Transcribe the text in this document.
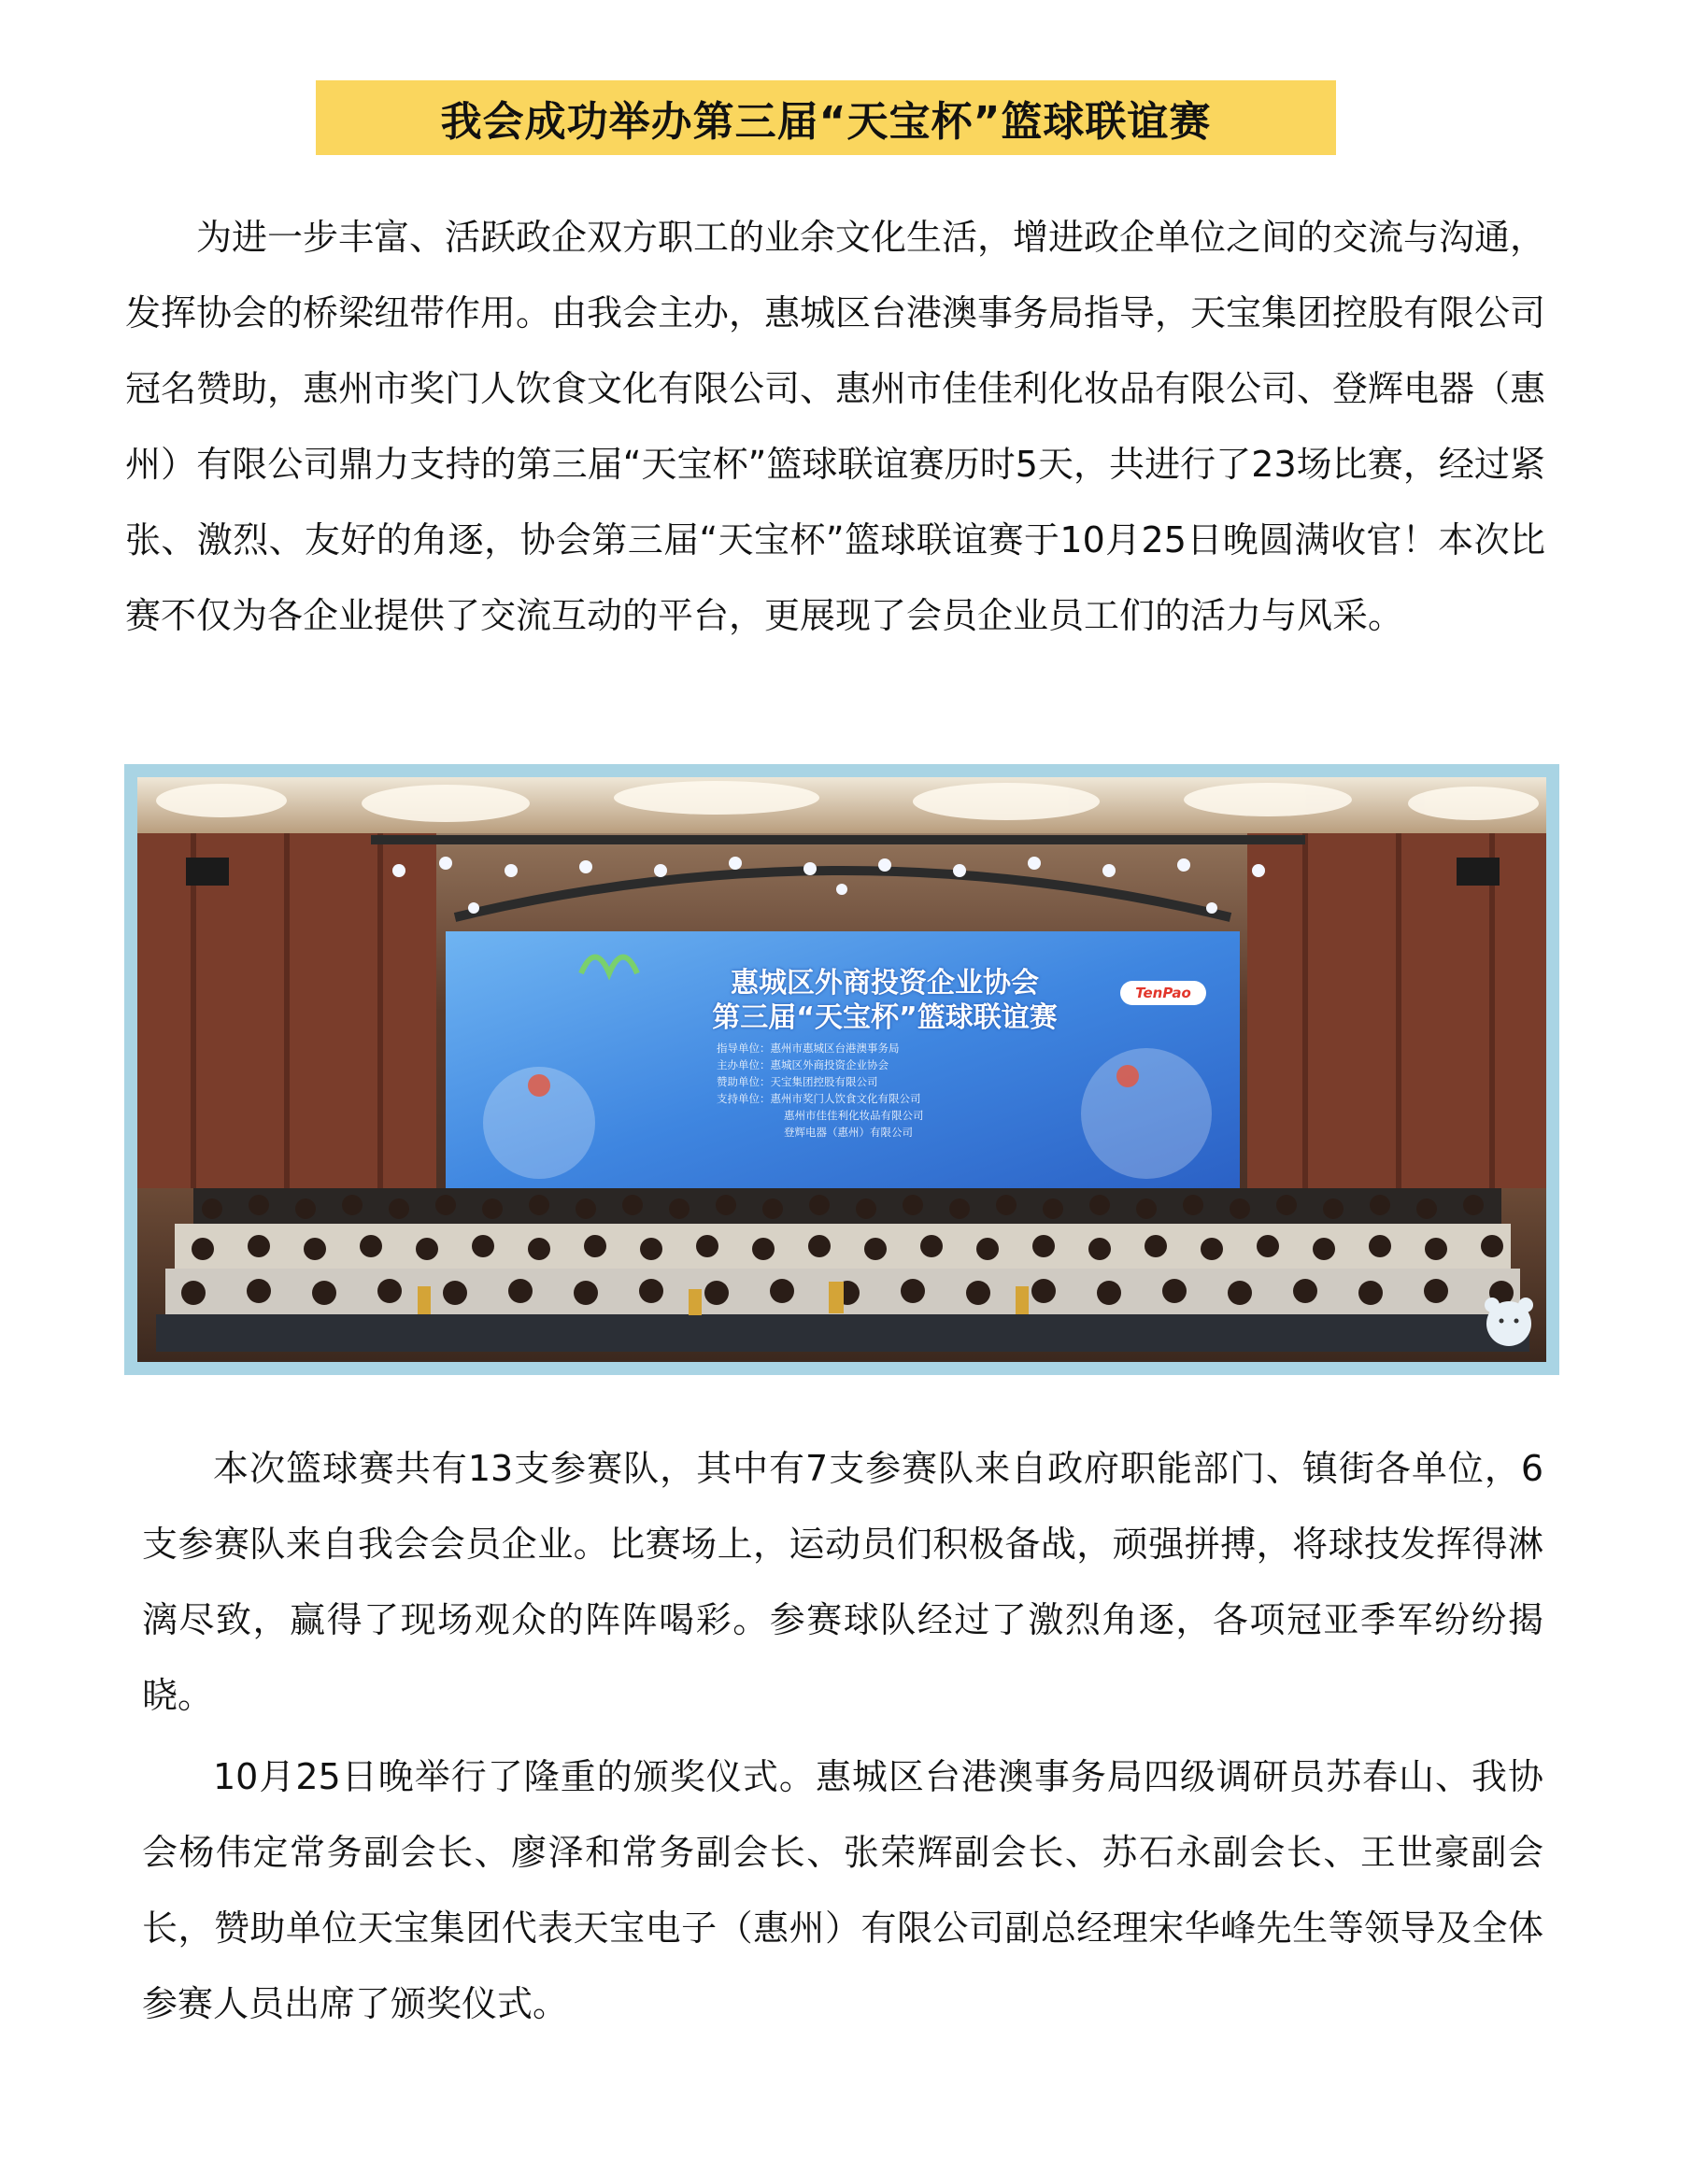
我会成功举办第三届“天宝杯”篮球联谊赛

为进一步丰富、活跃政企双方职工的业余文化生活，增进政企单位之间的交流与沟通，发挥协会的桥梁纽带作用。由我会主办，惠城区台港澳事务局指导，天宝集团控股有限公司冠名赞助，惠州市奖门人饮食文化有限公司、惠州市佳佳利化妆品有限公司、登辉电器（惠州）有限公司鼎力支持的第三届“天宝杯”篮球联谊赛历时5天，共进行了23场比赛，经过紧张、激烈、友好的角逐，协会第三届“天宝杯”篮球联谊赛于10月25日晚圆满收官！本次比赛不仅为各企业提供了交流互动的平台，更展现了会员企业员工们的活力与风采。

惠城区外商投资企业协会
第三届“天宝杯”篮球联谊赛
TenPao
指导单位：惠州市惠城区台港澳事务局
主办单位：惠城区外商投资企业协会
赞助单位：天宝集团控股有限公司
支持单位：惠州市奖门人饮食文化有限公司
惠州市佳佳利化妆品有限公司
登辉电器（惠州）有限公司

本次篮球赛共有13支参赛队，其中有7支参赛队来自政府职能部门、镇街各单位，6支参赛队来自我会会员企业。比赛场上，运动员们积极备战，顽强拼搏，将球技发挥得淋漓尽致，赢得了现场观众的阵阵喝彩。参赛球队经过了激烈角逐，各项冠亚季军纷纷揭晓。

10月25日晚举行了隆重的颁奖仪式。惠城区台港澳事务局四级调研员苏春山、我协会杨伟定常务副会长、廖泽和常务副会长、张荣辉副会长、苏石永副会长、王世豪副会长，赞助单位天宝集团代表天宝电子（惠州）有限公司副总经理宋华峰先生等领导及全体参赛人员出席了颁奖仪式。
